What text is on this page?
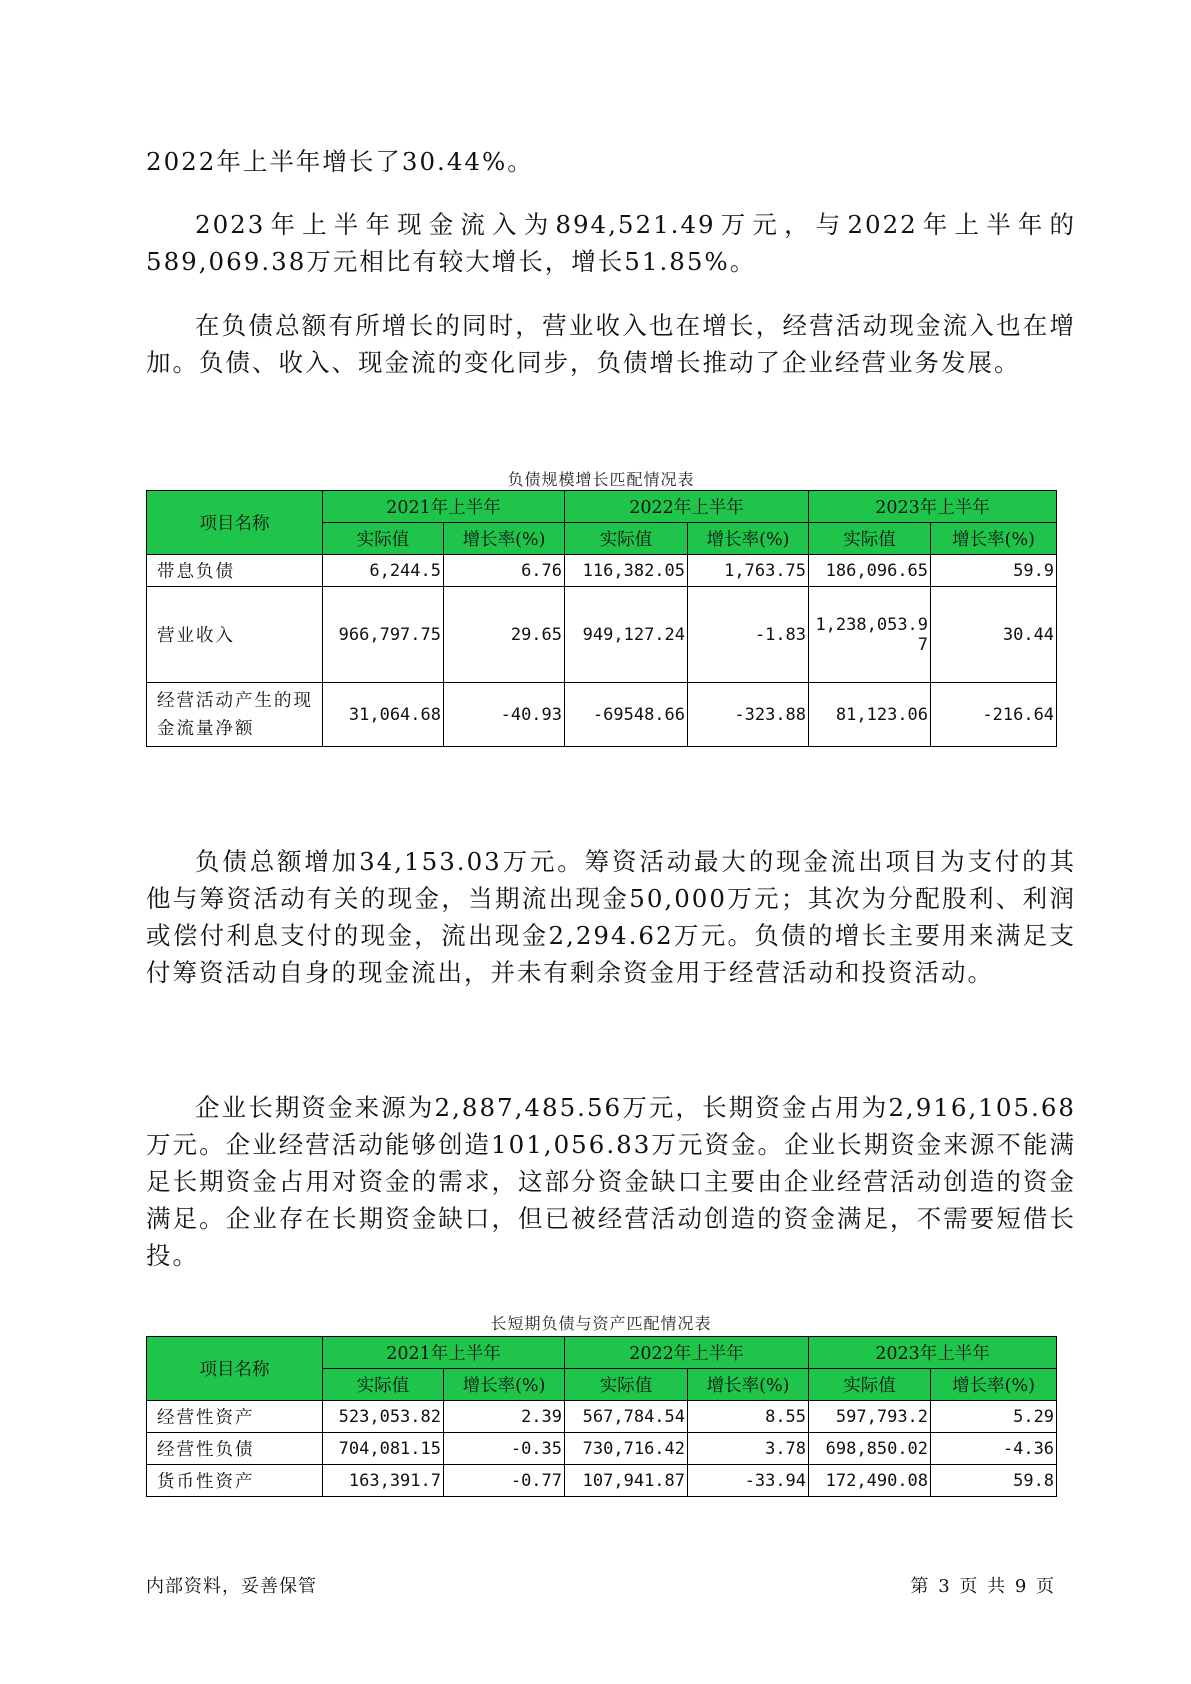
2022年上半年增长了30.44%。

2023年上半年现金流入为894,521.49万元，与2022年上半年的589,069.38万元相比有较大增长，增长51.85%。

在负债总额有所增长的同时，营业收入也在增长，经营活动现金流入也在增加。负债、收入、现金流的变化同步，负债增长推动了企业经营业务发展。

负债规模增长匹配情况表
项目名称	2021年上半年		2022年上半年		2023年上半年	
	实际值	增长率(%)	实际值	增长率(%)	实际值	增长率(%)
带息负债	6,244.5	6.76	116,382.05	1,763.75	186,096.65	59.9
营业收入	966,797.75	29.65	949,127.24	-1.83	1,238,053.97	30.44
经营活动产生的现金流量净额	31,064.68	-40.93	-69548.66	-323.88	81,123.06	-216.64

负债总额增加34,153.03万元。筹资活动最大的现金流出项目为支付的其他与筹资活动有关的现金，当期流出现金50,000万元；其次为分配股利、利润或偿付利息支付的现金，流出现金2,294.62万元。负债的增长主要用来满足支付筹资活动自身的现金流出，并未有剩余资金用于经营活动和投资活动。

企业长期资金来源为2,887,485.56万元，长期资金占用为2,916,105.68万元。企业经营活动能够创造101,056.83万元资金。企业长期资金来源不能满足长期资金占用对资金的需求，这部分资金缺口主要由企业经营活动创造的资金满足。企业存在长期资金缺口，但已被经营活动创造的资金满足，不需要短借长投。

长短期负债与资产匹配情况表
项目名称	2021年上半年		2022年上半年		2023年上半年	
	实际值	增长率(%)	实际值	增长率(%)	实际值	增长率(%)
经营性资产	523,053.82	2.39	567,784.54	8.55	597,793.2	5.29
经营性负债	704,081.15	-0.35	730,716.42	3.78	698,850.02	-4.36
货币性资产	163,391.7	-0.77	107,941.87	-33.94	172,490.08	59.8
内部资料，妥善保管	第 3 页 共 9 页
